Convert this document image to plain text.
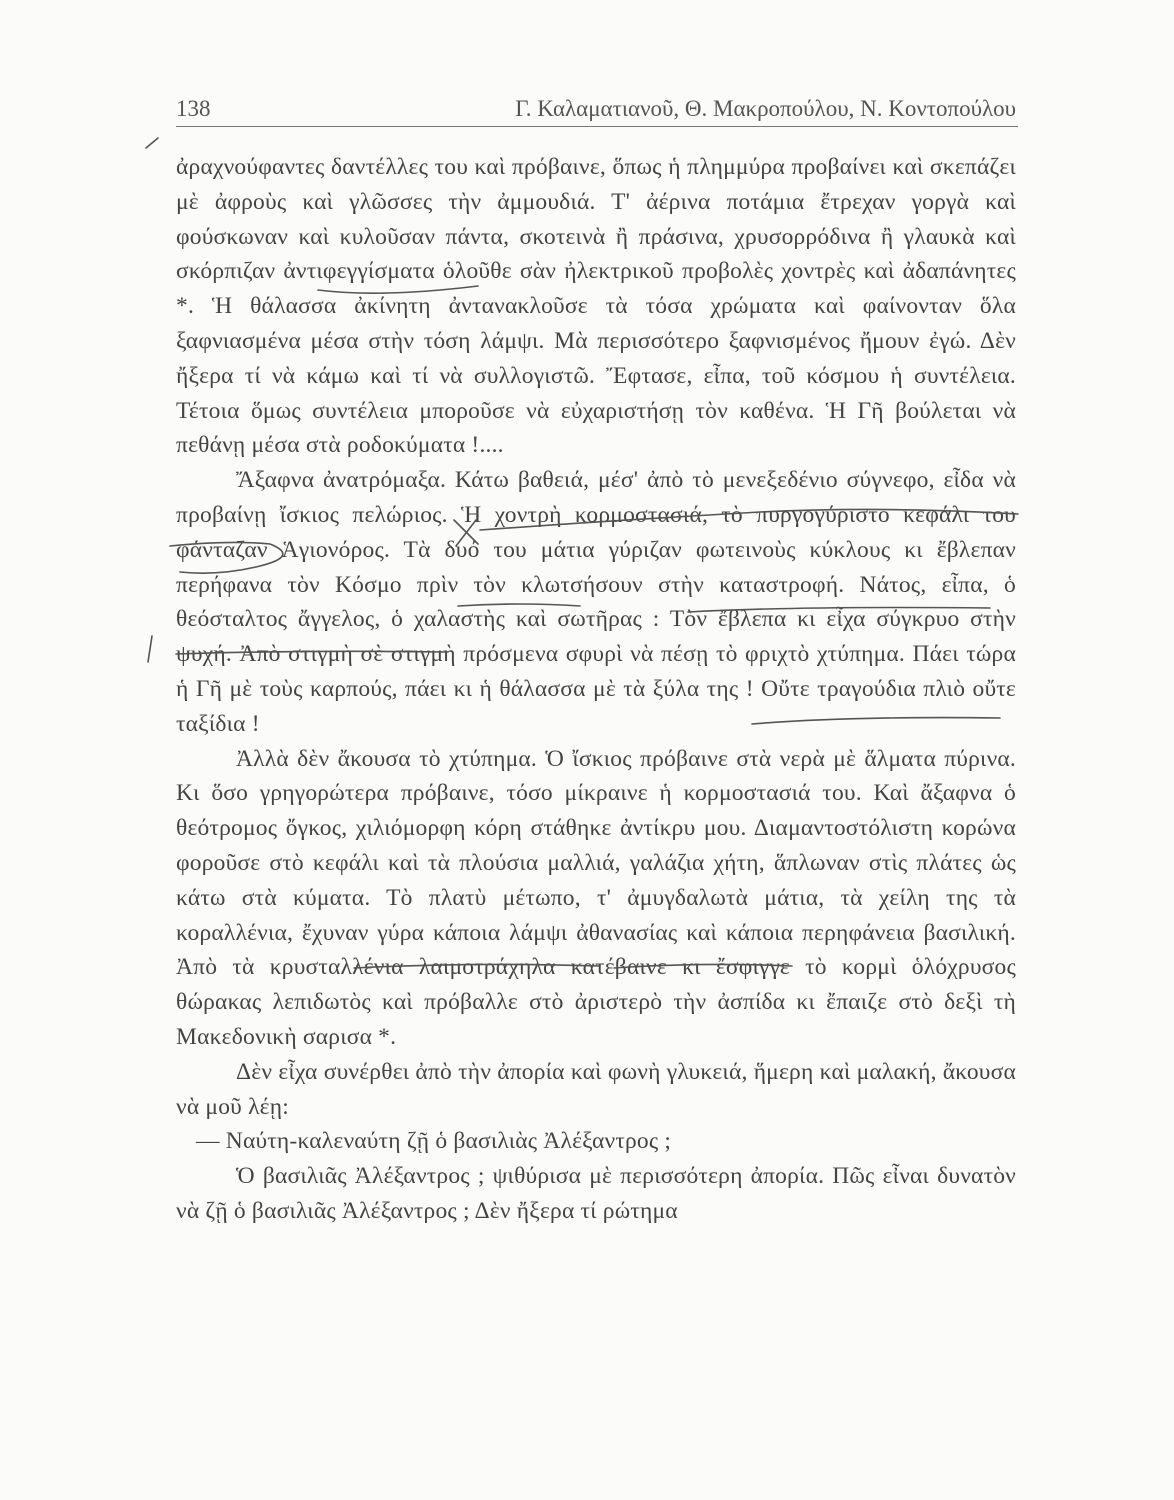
138	Γ. Καλαματιανοῦ, Θ. Μακροπούλου, Ν. Κοντοπούλου

ἀραχνούφαντες δαντέλλες του καὶ πρόβαινε, ὅπως ἡ πλημμύρα προβαίνει καὶ σκεπάζει μὲ ἀφροὺς καὶ γλῶσσες τὴν ἀμμουδιά. Τ' ἀέρινα ποτάμια ἔτρεχαν γοργὰ καὶ φούσκωναν καὶ κυλοῦσαν πάντα, σκοτεινὰ ἢ πράσινα, χρυσορρόδινα ἢ γλαυκὰ καὶ σκόρπιζαν ἀντιφεγγίσματα ὁλοῦθε σὰν ἠλεκτρικοῦ προβολὲς χοντρὲς καὶ ἀδαπάνητες *. Ἡ θάλασσα ἀκίνητη ἀντανακλοῦσε τὰ τόσα χρώματα καὶ φαίνονταν ὅλα ξαφνιασμένα μέσα στὴν τόση λάμψι. Μὰ περισσότερο ξαφνισμένος ἤμουν ἐγώ. Δὲν ἤξερα τί νὰ κάμω καὶ τί νὰ συλλογιστῶ. Ἔφτασε, εἶπα, τοῦ κόσμου ἡ συντέλεια. Τέτοια ὅμως συντέλεια μποροῦσε νὰ εὐχαριστήσῃ τὸν καθένα. Ἡ Γῆ βούλεται νὰ πεθάνῃ μέσα στὰ ροδοκύματα !....

Ἄξαφνα ἀνατρόμαξα. Κάτω βαθειά, μέσ' ἀπὸ τὸ μενεξεδένιο σύγνεφο, εἶδα νὰ προβαίνῃ ἴσκιος πελώριος. Ἡ χοντρὴ κορμοστασιά, τὸ πυργογύριστο κεφάλι του φάνταζαν Ἁγιονόρος. Τὰ δυό του μάτια γύριζαν φωτεινοὺς κύκλους κι ἔβλεπαν περήφανα τὸν Κόσμο πρὶν τὸν κλωτσήσουν στὴν καταστροφή. Νάτος, εἶπα, ὁ θεόσταλτος ἄγγελος, ὁ χαλαστὴς καὶ σωτῆρας : Τὸν ἔβλεπα κι εἶχα σύγκρυο στὴν ψυχή. Ἀπὸ στιγμὴ σὲ στιγμὴ πρόσμενα σφυρὶ νὰ πέσῃ τὸ φριχτὸ χτύπημα. Πάει τώρα ἡ Γῆ μὲ τοὺς καρπούς, πάει κι ἡ θάλασσα μὲ τὰ ξύλα της ! Οὔτε τραγούδια πλιὸ οὔτε ταξίδια !

Ἀλλὰ δὲν ἄκουσα τὸ χτύπημα. Ὁ ἴσκιος πρόβαινε στὰ νερὰ μὲ ἅλματα πύρινα. Κι ὅσο γρηγορώτερα πρόβαινε, τόσο μίκραινε ἡ κορμοστασιά του. Καὶ ἄξαφνα ὁ θεότρομος ὄγκος, χιλιόμορφη κόρη στάθηκε ἀντίκρυ μου. Διαμαντοστόλιστη κορώνα φοροῦσε στὸ κεφάλι καὶ τὰ πλούσια μαλλιά, γαλάζια χήτη, ἅπλωναν στὶς πλάτες ὡς κάτω στὰ κύματα. Τὸ πλατὺ μέτωπο, τ' ἀμυγδαλωτὰ μάτια, τὰ χείλη της τὰ κοραλλένια, ἔχυναν γύρα κάποια λάμψι ἀθανασίας καὶ κάποια περηφάνεια βασιλική. Ἀπὸ τὰ κρυσταλλένια λαιμοτράχηλα κατέβαινε κι ἔσφιγγε τὸ κορμὶ ὁλόχρυσος θώρακας λεπιδωτὸς καὶ πρόβαλλε στὸ ἀριστερὸ τὴν ἀσπίδα κι ἔπαιζε στὸ δεξὶ τὴ Μακεδονικὴ σαρισα *.

Δὲν εἶχα συνέρθει ἀπὸ τὴν ἀπορία καὶ φωνὴ γλυκειά, ἥμερη καὶ μαλακή, ἄκουσα νὰ μοῦ λέῃ:

— Ναύτη-καλεναύτη ζῇ ὁ βασιλιὰς Ἀλέξαντρος ;

Ὁ βασιλιᾶς Ἀλέξαντρος ; ψιθύρισα μὲ περισσότερη ἀπορία. Πῶς εἶναι δυνατὸν νὰ ζῇ ὁ βασιλιᾶς Ἀλέξαντρος ; Δὲν ἤξερα τί ρώτημα
